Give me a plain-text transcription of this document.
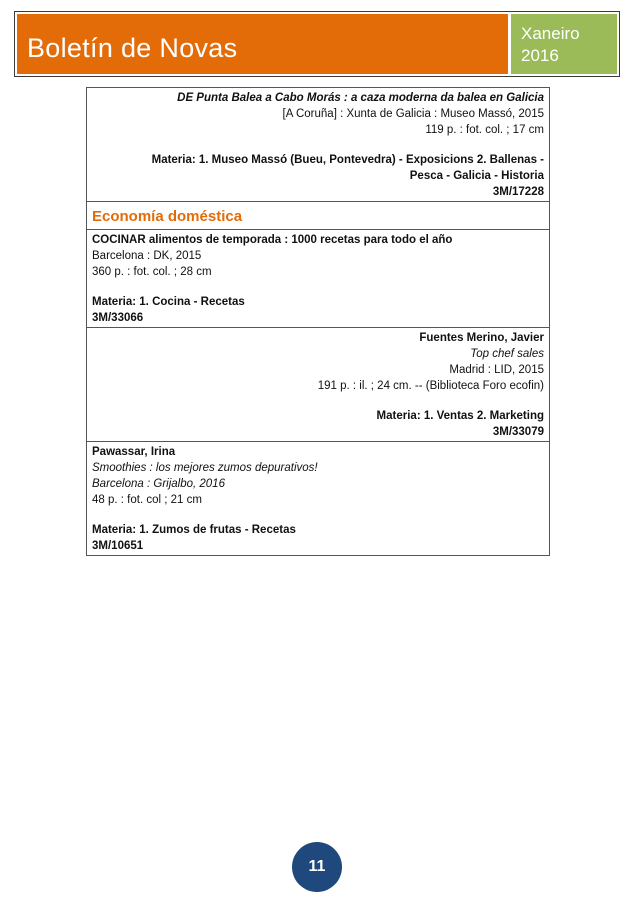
Boletín de Novas	Xaneiro
2016
DE Punta Balea a Cabo Morás : a caza moderna da balea en Galicia
[A Coruña] : Xunta de Galicia : Museo Massó, 2015
119 p. : fot. col. ; 17 cm
Materia: 1. Museo Massó (Bueu, Pontevedra) - Exposicions 2. Ballenas -
Pesca - Galicia - Historia
3M/17228
Economía doméstica
COCINAR alimentos de temporada : 1000 recetas para todo el año
Barcelona : DK, 2015
360 p. : fot. col. ; 28 cm
Materia: 1. Cocina - Recetas
3M/33066
Fuentes Merino, Javier
Top chef sales
Madrid : LID, 2015
191 p. : il. ; 24 cm. -- (Biblioteca Foro ecofin)
Materia: 1. Ventas 2. Marketing
3M/33079
Pawassar, Irina
Smoothies : los mejores zumos depurativos!
Barcelona : Grijalbo, 2016
48 p. : fot. col ; 21 cm
Materia: 1. Zumos de frutas - Recetas
3M/10651
11
